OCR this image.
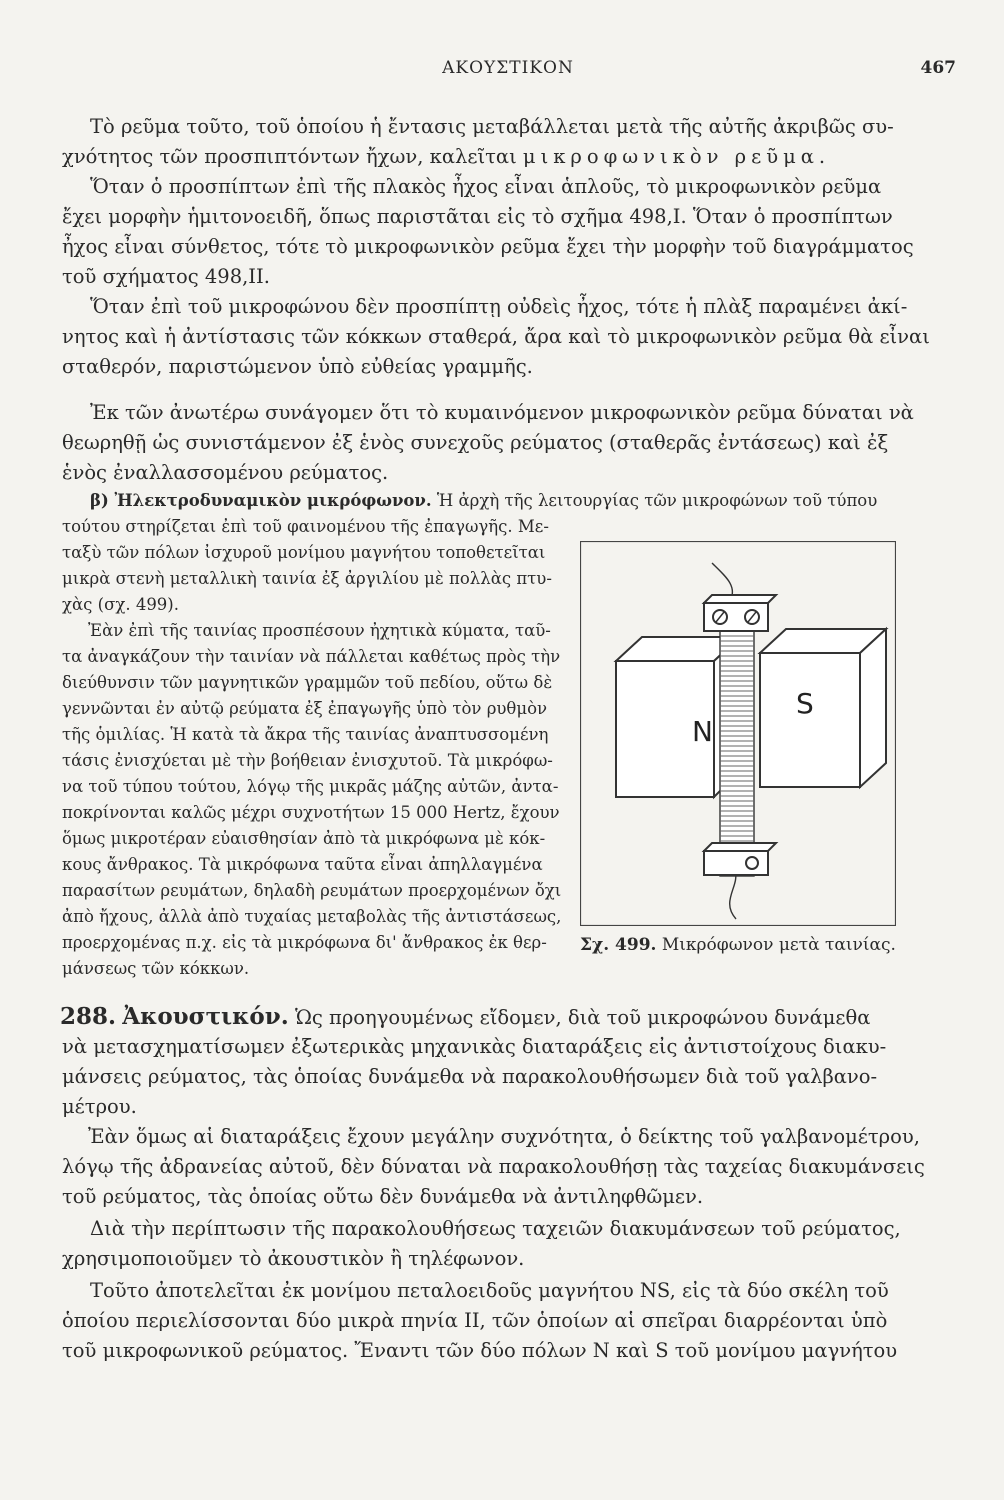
ΑΚΟΥΣΤΙΚΟΝ	467
Τὸ ρεῦμα τοῦτο, τοῦ ὁποίου ἡ ἔντασις μεταβάλλεται μετὰ τῆς αὐτῆς ἀκριβῶς συ-
χνότητος τῶν προσπιπτόντων ἤχων, καλεῖται μικροφωνικὸν ρεῦμα.
Ὅταν ὁ προσπίπτων ἐπὶ τῆς πλακὸς ἦχος εἶναι ἁπλοῦς, τὸ μικροφωνικὸν ρεῦμα
ἔχει μορφὴν ἡμιτονοειδῆ, ὅπως παριστᾶται εἰς τὸ σχῆμα 498,Ι. Ὅταν ὁ προσπίπτων
ἦχος εἶναι σύνθετος, τότε τὸ μικροφωνικὸν ρεῦμα ἔχει τὴν μορφὴν τοῦ διαγράμματος
τοῦ σχήματος 498,ΙΙ.
Ὅταν ἐπὶ τοῦ μικροφώνου δὲν προσπίπτῃ οὐδεὶς ἦχος, τότε ἡ πλὰξ παραμένει ἀκί-
νητος καὶ ἡ ἀντίστασις τῶν κόκκων σταθερά, ἄρα καὶ τὸ μικροφωνικὸν ρεῦμα θὰ εἶναι
σταθερόν, παριστώμενον ὑπὸ εὐθείας γραμμῆς.
Ἐκ τῶν ἀνωτέρω συνάγομεν ὅτι τὸ κυμαινόμενον μικροφωνικὸν ρεῦμα δύναται νὰ
θεωρηθῇ ὡς συνιστάμενον ἐξ ἑνὸς συνεχοῦς ρεύματος (σταθερᾶς ἐντάσεως) καὶ ἐξ
ἑνὸς ἐναλλασσομένου ρεύματος.
β) Ἠλεκτροδυναμικὸν μικρόφωνον. Ἡ ἀρχὴ τῆς λειτουργίας τῶν μικροφώνων τοῦ τύπου
τούτου στηρίζεται ἐπὶ τοῦ φαινομένου τῆς ἐπαγωγῆς. Με-
ταξὺ τῶν πόλων ἰσχυροῦ μονίμου μαγνήτου τοποθετεῖται
μικρὰ στενὴ μεταλλικὴ ταινία ἐξ ἀργιλίου μὲ πολλὰς πτυ-
χὰς (σχ. 499).
Ἐὰν ἐπὶ τῆς ταινίας προσπέσουν ἠχητικὰ κύματα, ταῦ-
τα ἀναγκάζουν τὴν ταινίαν νὰ πάλλεται καθέτως πρὸς τὴν
διεύθυνσιν τῶν μαγνητικῶν γραμμῶν τοῦ πεδίου, οὕτω δὲ
γεννῶνται ἐν αὐτῷ ρεύματα ἐξ ἐπαγωγῆς ὑπὸ τὸν ρυθμὸν
τῆς ὁμιλίας. Ἡ κατὰ τὰ ἄκρα τῆς ταινίας ἀναπτυσσομένη
τάσις ἐνισχύεται μὲ τὴν βοήθειαν ἐνισχυτοῦ. Τὰ μικρόφω-
να τοῦ τύπου τούτου, λόγῳ τῆς μικρᾶς μάζης αὐτῶν, ἀντα-
ποκρίνονται καλῶς μέχρι συχνοτήτων 15 000 Hertz, ἔχουν
ὅμως μικροτέραν εὐαισθησίαν ἀπὸ τὰ μικρόφωνα μὲ κόκ-
κους ἄνθρακος. Τὰ μικρόφωνα ταῦτα εἶναι ἀπηλλαγμένα
παρασίτων ρευμάτων, δηλαδὴ ρευμάτων προερχομένων ὄχι
ἀπὸ ἤχους, ἀλλὰ ἀπὸ τυχαίας μεταβολὰς τῆς ἀντιστάσεως,
προερχομένας π.χ. εἰς τὰ μικρόφωνα δι' ἄνθρακος ἐκ θερ-
μάνσεως τῶν κόκκων.
N
S
Σχ. 499. Μικρόφωνον μετὰ ταινίας.
288. Ἀκουστικόν. Ὡς προηγουμένως εἴδομεν, διὰ τοῦ μικροφώνου δυνάμεθα
νὰ μετασχηματίσωμεν ἐξωτερικὰς μηχανικὰς διαταράξεις εἰς ἀντιστοίχους διακυ-
μάνσεις ρεύματος, τὰς ὁποίας δυνάμεθα νὰ παρακολουθήσωμεν διὰ τοῦ γαλβανο-
μέτρου.
Ἐὰν ὅμως αἱ διαταράξεις ἔχουν μεγάλην συχνότητα, ὁ δείκτης τοῦ γαλβανομέτρου,
λόγῳ τῆς ἀδρανείας αὐτοῦ, δὲν δύναται νὰ παρακολουθήσῃ τὰς ταχείας διακυμάνσεις
τοῦ ρεύματος, τὰς ὁποίας οὔτω δὲν δυνάμεθα νὰ ἀντιληφθῶμεν.
Διὰ τὴν περίπτωσιν τῆς παρακολουθήσεως ταχειῶν διακυμάνσεων τοῦ ρεύματος,
χρησιμοποιοῦμεν τὸ ἀκουστικὸν ἢ τηλέφωνον.
Τοῦτο ἀποτελεῖται ἐκ μονίμου πεταλοειδοῦς μαγνήτου NS, εἰς τὰ δύο σκέλη τοῦ
ὁποίου περιελίσσονται δύο μικρὰ πηνία ΙΙ, τῶν ὁποίων αἱ σπεῖραι διαρρέονται ὑπὸ
τοῦ μικροφωνικοῦ ρεύματος. Ἔναντι τῶν δύο πόλων N καὶ S τοῦ μονίμου μαγνήτου
